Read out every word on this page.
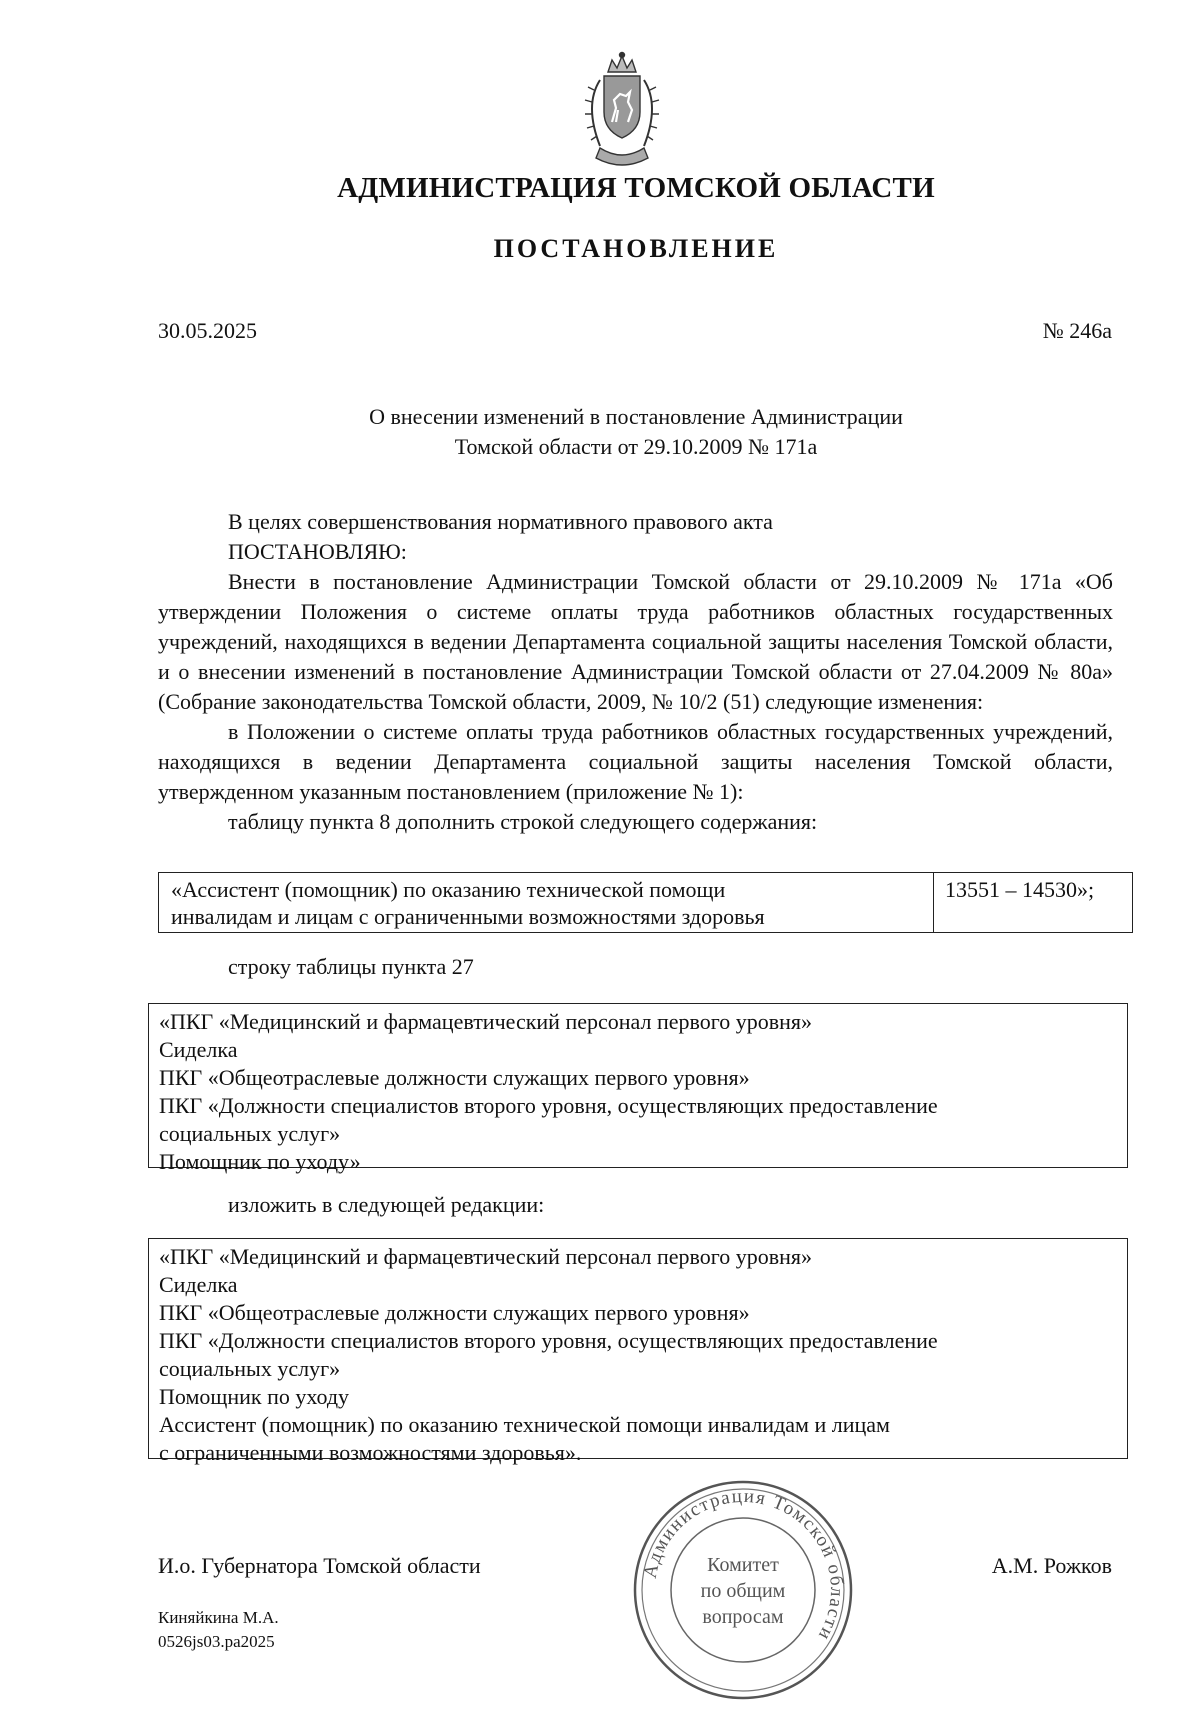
АДМИНИСТРАЦИЯ ТОМСКОЙ ОБЛАСТИ
ПОСТАНОВЛЕНИЕ
30.05.2025	№ 246а
О внесении изменений в постановление Администрации
Томской области от 29.10.2009 № 171а

В целях совершенствования нормативного правового акта

ПОСТАНОВЛЯЮ:

Внести в постановление Администрации Томской области от 29.10.2009 № 171а «Об утверждении Положения о системе оплаты труда работников областных государственных учреждений, находящихся в ведении Департамента социальной защиты населения Томской области, и о внесении изменений в постановление Администрации Томской области от 27.04.2009 № 80а» (Собрание законодательства Томской области, 2009, № 10/2 (51) следующие изменения:

в Положении о системе оплаты труда работников областных государственных учреждений, находящихся в ведении Департамента социальной защиты населения Томской области, утвержденном указанным постановлением (приложение № 1):

таблицу пункта 8 дополнить строкой следующего содержания:

«Ассистент (помощник) по оказанию технической помощи
инвалидам и лицам с ограниченными возможностями здоровья
13551 – 14530»;
строку таблицы пункта 27
«ПКГ «Медицинский и фармацевтический персонал первого уровня»
Сиделка
ПКГ «Общеотраслевые должности служащих первого уровня»
ПКГ «Должности специалистов второго уровня, осуществляющих предоставление
социальных услуг»
Помощник по уходу»
изложить в следующей редакции:
«ПКГ «Медицинский и фармацевтический персонал первого уровня»
Сиделка
ПКГ «Общеотраслевые должности служащих первого уровня»
ПКГ «Должности специалистов второго уровня, осуществляющих предоставление
социальных услуг»
Помощник по уходу
Ассистент (помощник) по оказанию технической помощи инвалидам и лицам
с ограниченными возможностями здоровья».
Администрация Томской области
Комитет
по общим
вопросам
И.о. Губернатора Томской области	А.М. Рожков
Киняйкина М.А.
0526js03.pa2025
